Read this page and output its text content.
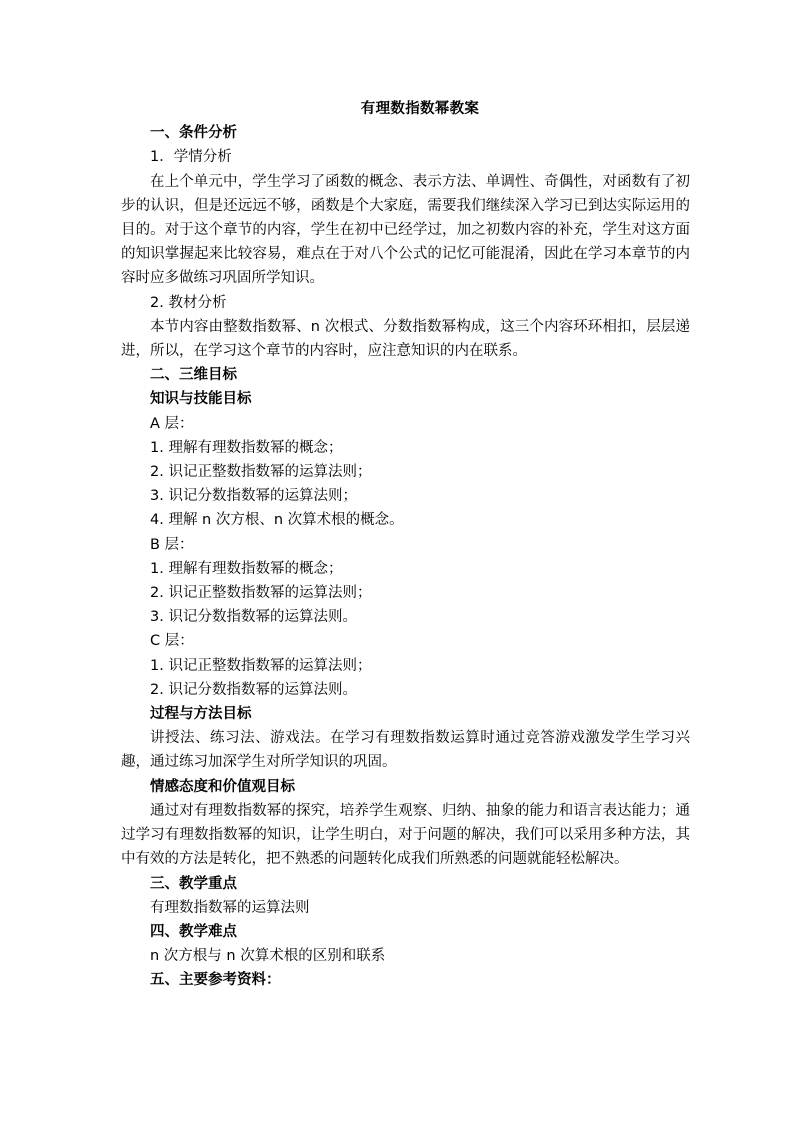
有理数指数幂教案
一、条件分析
1．学情分析
在上个单元中，学生学习了函数的概念、表示方法、单调性、奇偶性，对函数有了初步的认识，但是还远远不够，函数是个大家庭，需要我们继续深入学习已到达实际运用的目的。对于这个章节的内容，学生在初中已经学过，加之初数内容的补充，学生对这方面的知识掌握起来比较容易，难点在于对八个公式的记忆可能混淆，因此在学习本章节的内容时应多做练习巩固所学知识。
2. 教材分析
本节内容由整数指数幂、n 次根式、分数指数幂构成，这三个内容环环相扣，层层递进，所以，在学习这个章节的内容时，应注意知识的内在联系。
二、三维目标
知识与技能目标
A 层：
1. 理解有理数指数幂的概念；
2. 识记正整数指数幂的运算法则；
3. 识记分数指数幂的运算法则；
4. 理解 n 次方根、n 次算术根的概念。
B 层：
1. 理解有理数指数幂的概念；
2. 识记正整数指数幂的运算法则；
3. 识记分数指数幂的运算法则。
C 层：
1. 识记正整数指数幂的运算法则；
2. 识记分数指数幂的运算法则。
过程与方法目标
讲授法、练习法、游戏法。在学习有理数指数运算时通过竞答游戏激发学生学习兴趣，通过练习加深学生对所学知识的巩固。
情感态度和价值观目标
通过对有理数指数幂的探究，培养学生观察、归纳、抽象的能力和语言表达能力；通过学习有理数指数幂的知识，让学生明白，对于问题的解决，我们可以采用多种方法，其中有效的方法是转化，把不熟悉的问题转化成我们所熟悉的问题就能轻松解决。
三、教学重点
有理数指数幂的运算法则
四、教学难点
n 次方根与 n 次算术根的区别和联系
五、主要参考资料：
